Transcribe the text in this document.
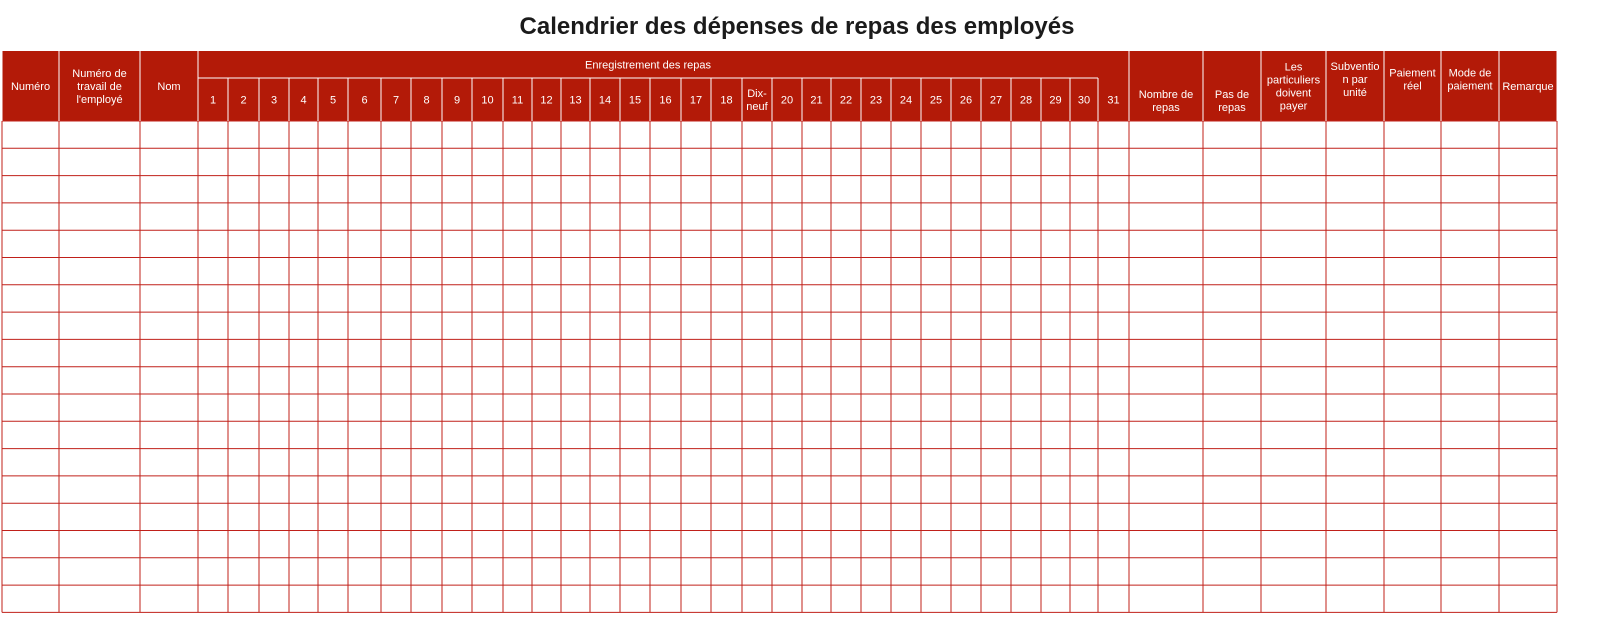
Calendrier des dépenses de repas des employés
Numéro
Numéro de travail de l'employé
Nom
Enregistrement des repas
1 2 3 4 5 6 7 8 9 10 11 12 13 14 15 16 17 18
Dix-neuf
20 21 22 23 24 25 26 27 28 29 30 31 Nombre de repas
Pas de repas
Les particuliers doivent payer
Subventio n par unité
Paiement réel
Mode de paiement Remarque
